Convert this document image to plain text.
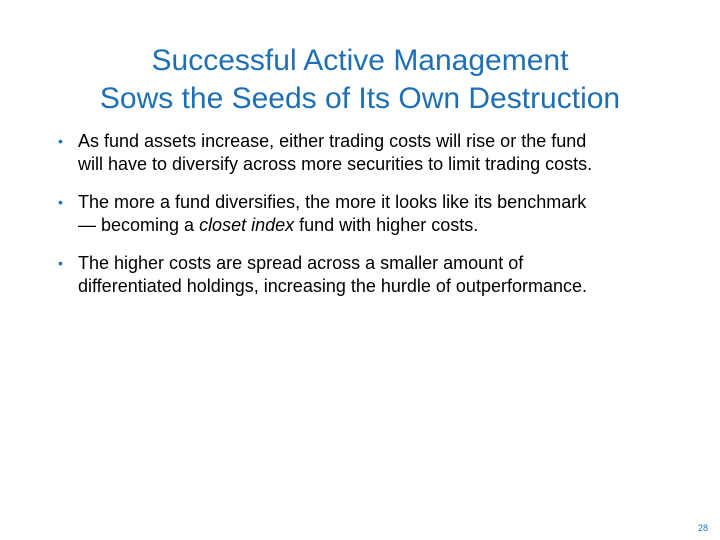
Successful Active Management
Sows the Seeds of Its Own Destruction
• As fund assets increase, either trading costs will rise or the fund
will have to diversify across more securities to limit trading costs.
• The more a fund diversifies, the more it looks like its benchmark
— becoming a closet index fund with higher costs.
• The higher costs are spread across a smaller amount of
differentiated holdings, increasing the hurdle of outperformance.
28
